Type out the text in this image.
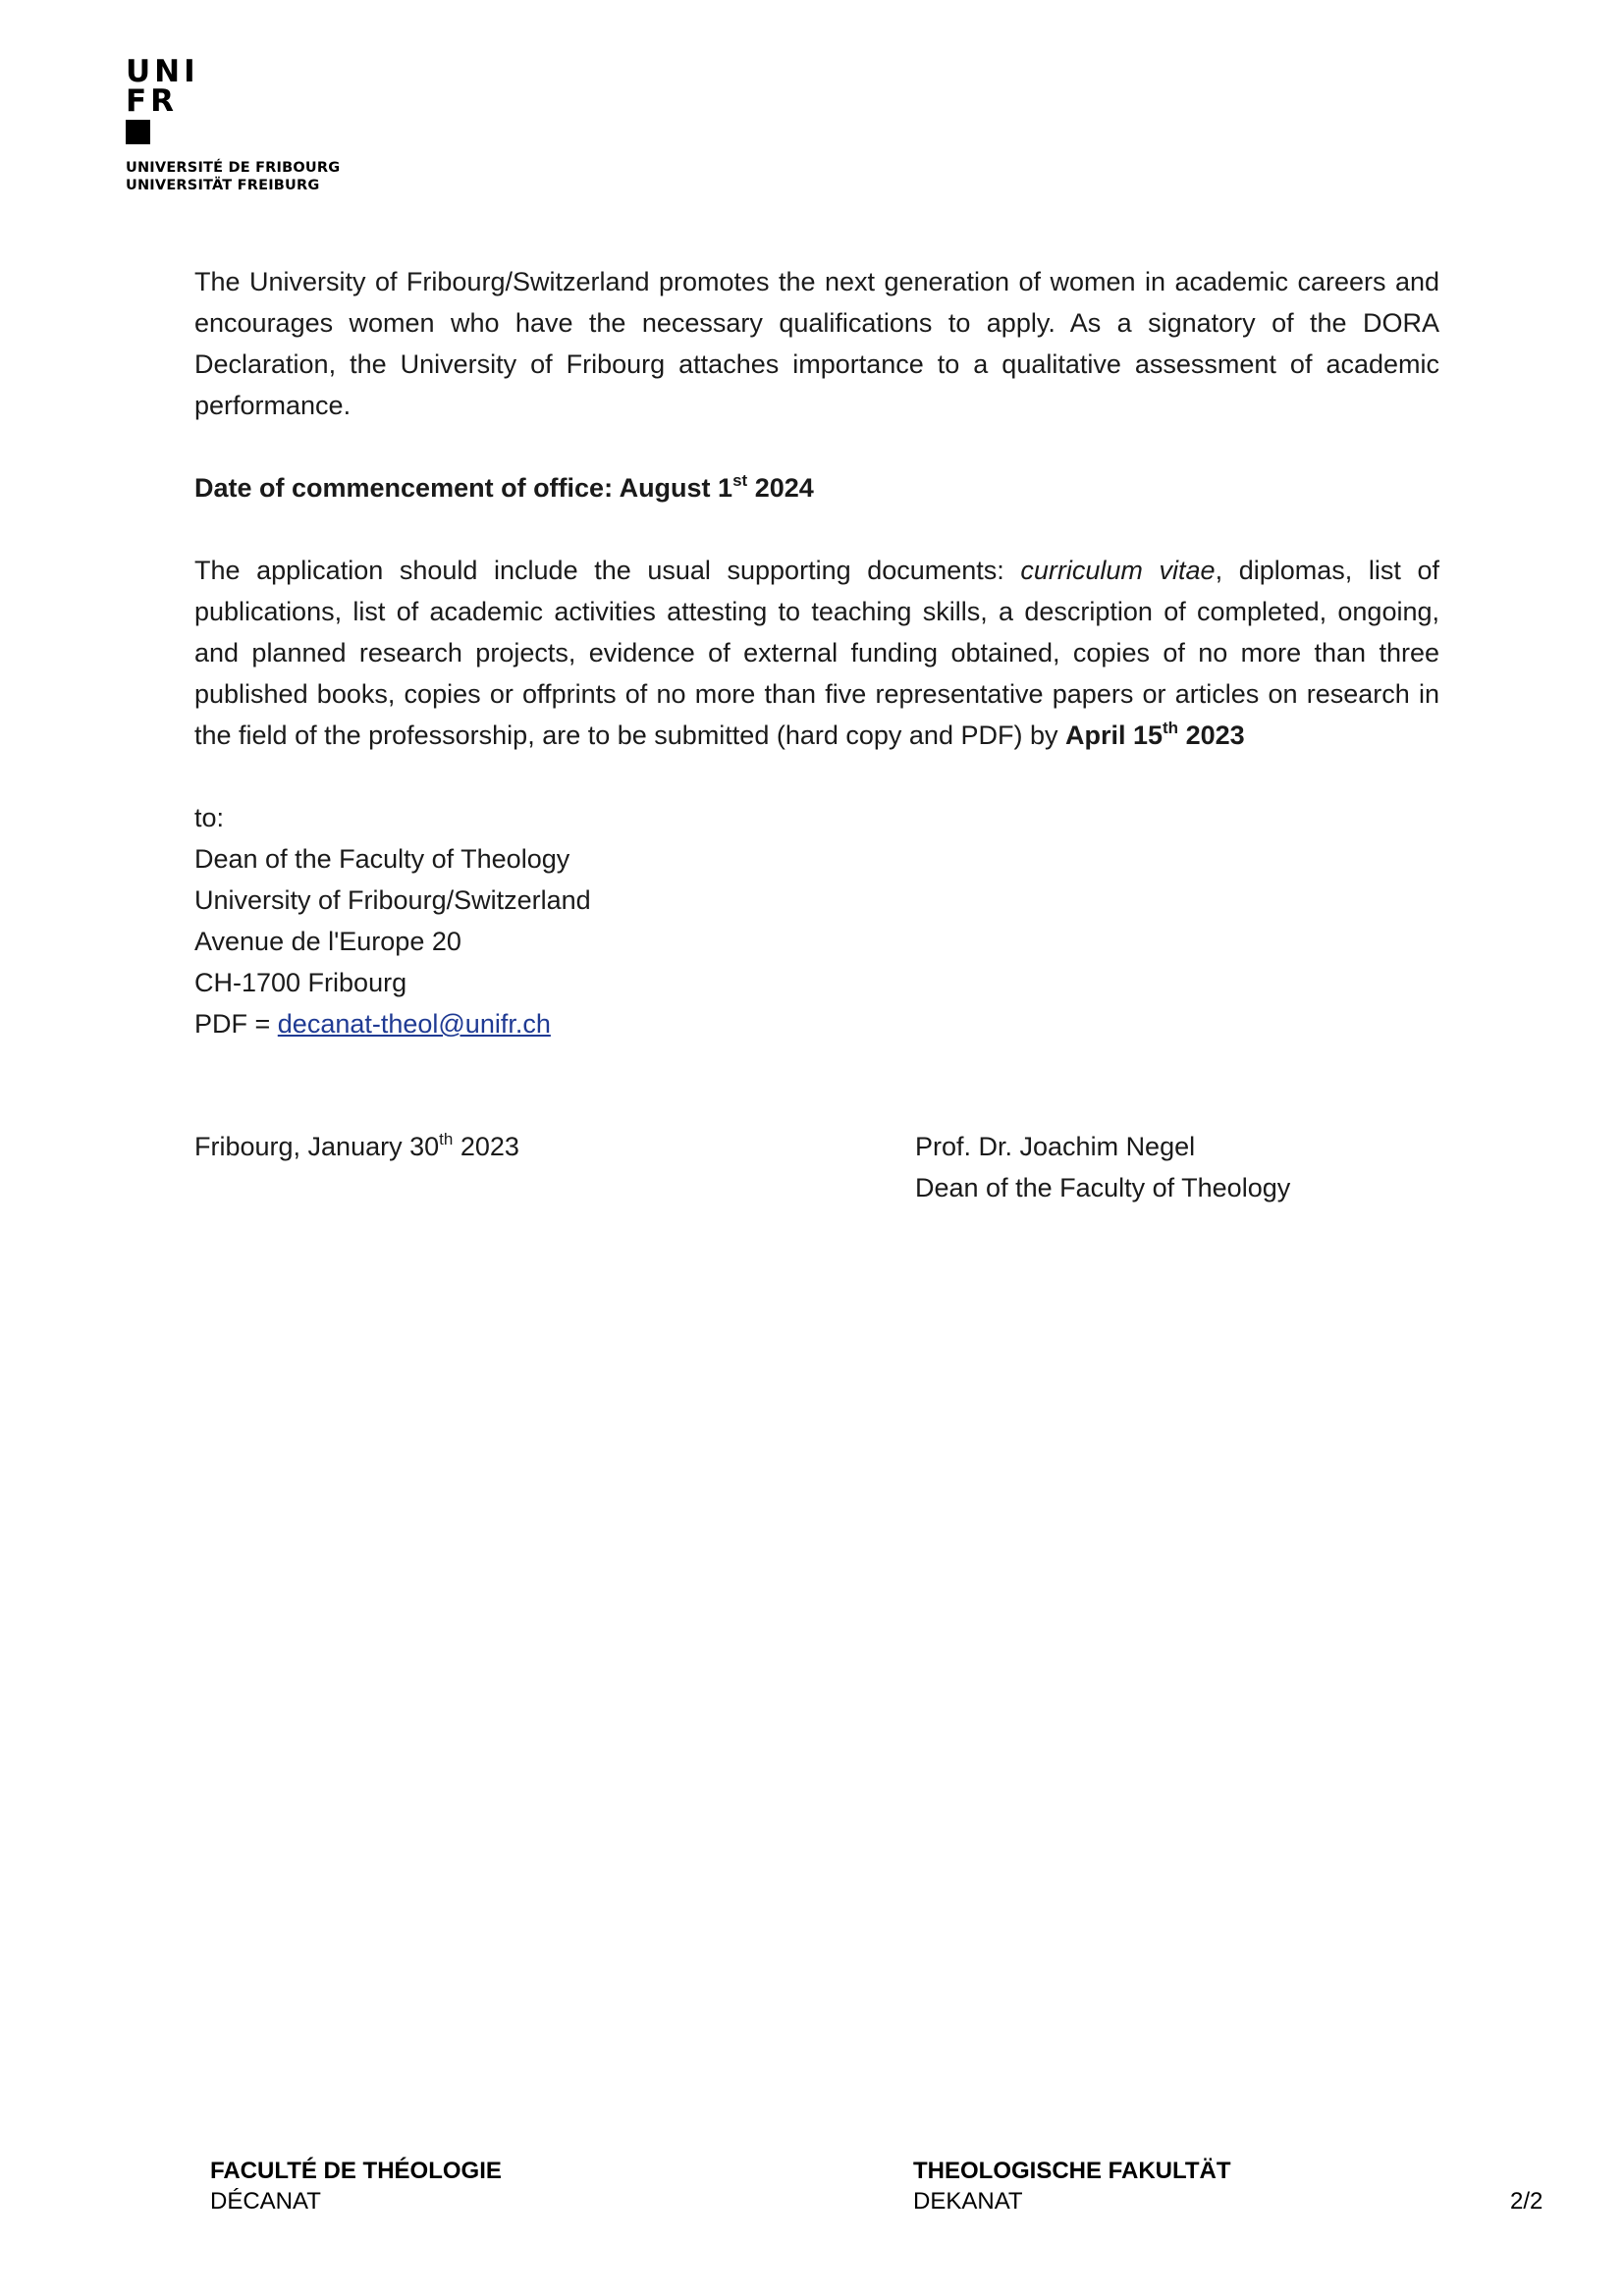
UNI
FR
UNIVERSITÉ DE FRIBOURG
UNIVERSITÄT FREIBURG

The University of Fribourg/Switzerland promotes the next generation of women in academic careers and encourages women who have the necessary qualifications to apply. As a signatory of the DORA Declaration, the University of Fribourg attaches importance to a qualitative assessment of academic performance.

Date of commencement of office: August 1st 2024

The application should include the usual supporting documents: curriculum vitae, diplomas, list of publications, list of academic activities attesting to teaching skills, a description of completed, ongoing, and planned research projects, evidence of external funding obtained, copies of no more than three published books, copies or offprints of no more than five representative papers or articles on research in the field of the professorship, are to be submitted (hard copy and PDF) by April 15th 2023

to:

Dean of the Faculty of Theology

University of Fribourg/Switzerland

Avenue de l'Europe 20

CH-1700 Fribourg

PDF = decanat-theol@unifr.ch

Fribourg, January 30th 2023	Prof. Dr. Joachim Negel
Dean of the Faculty of Theology
FACULTÉ DE THÉOLOGIE
DÉCANAT
THEOLOGISCHE FAKULTÄT
DEKANAT	2/2
